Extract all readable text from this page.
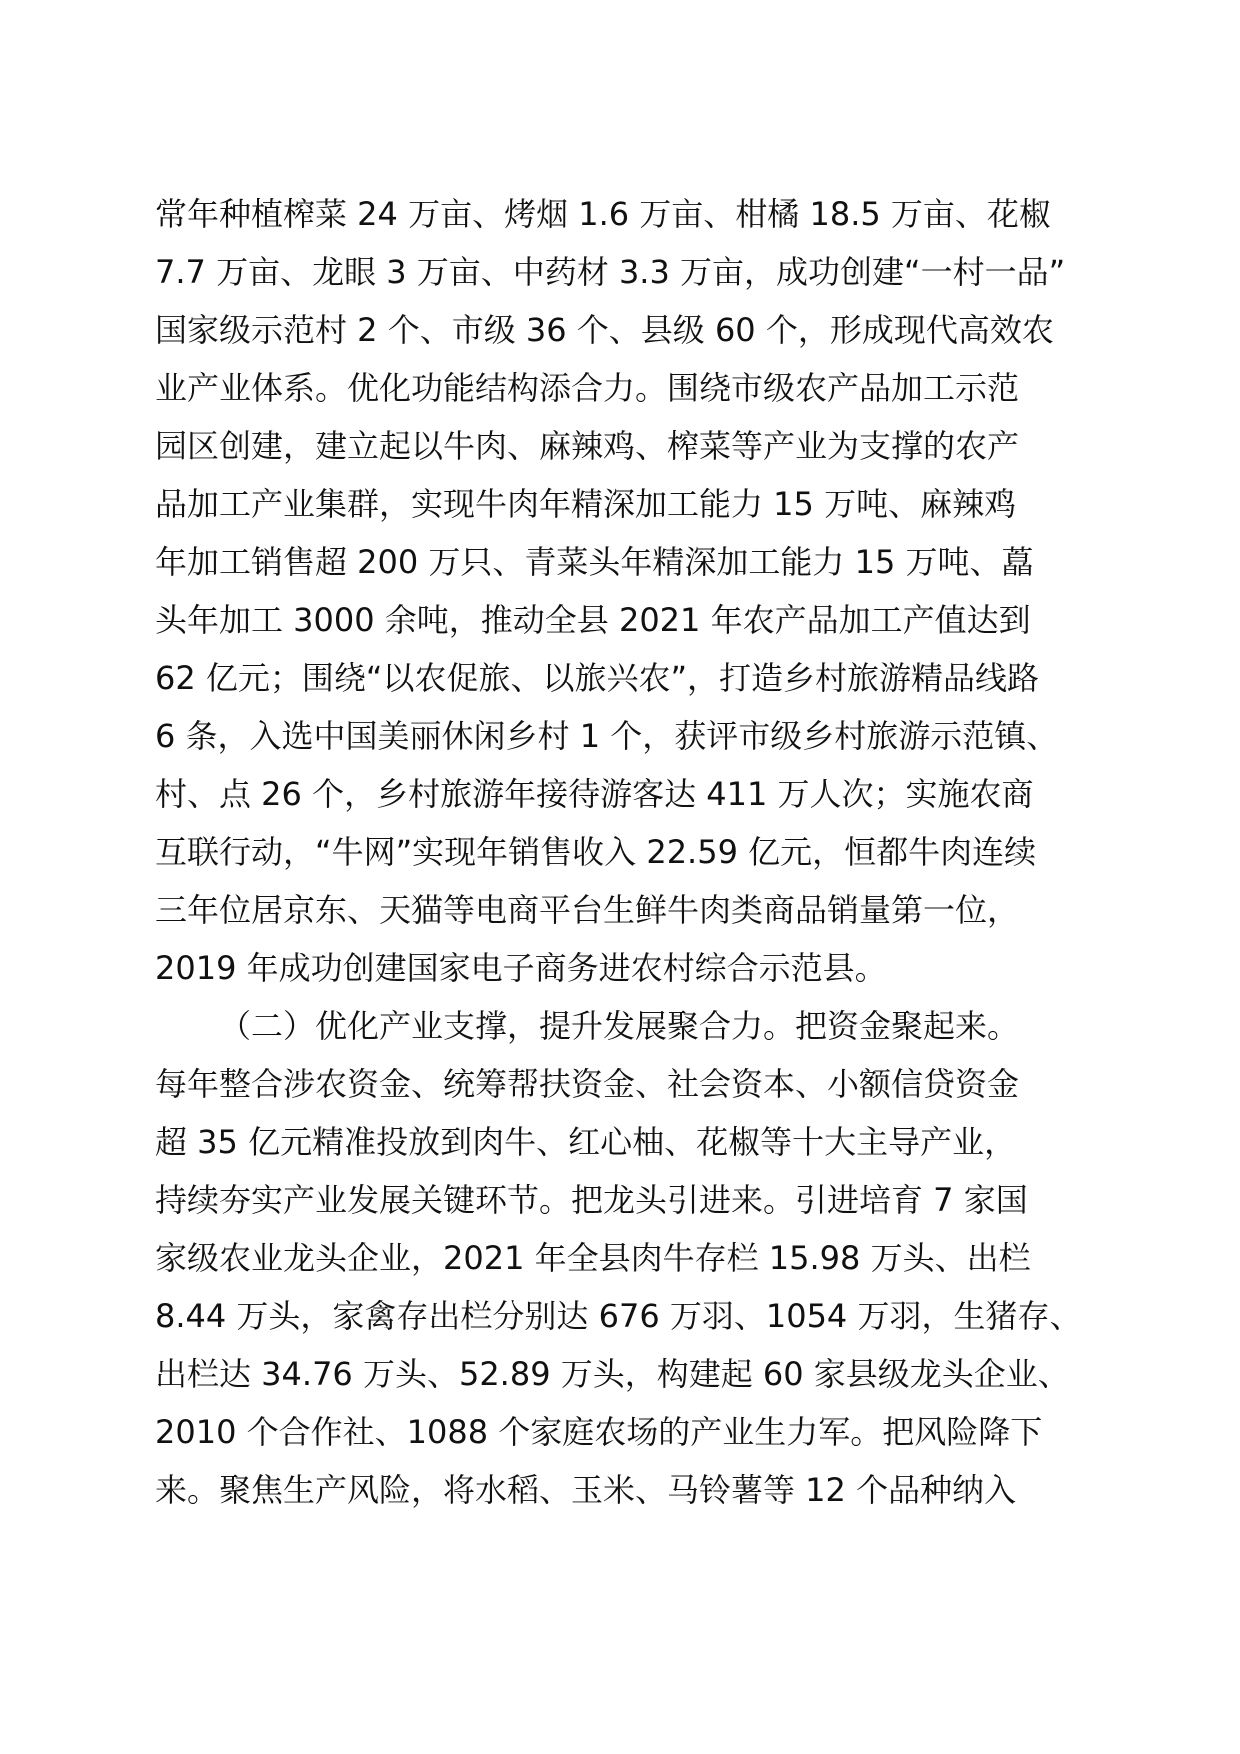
常年种植榨菜 24 万亩、烤烟 1.6 万亩、柑橘 18.5 万亩、花椒
7.7 万亩、龙眼 3 万亩、中药材 3.3 万亩，成功创建“一村一品”
国家级示范村 2 个、市级 36 个、县级 60 个，形成现代高效农
业产业体系。优化功能结构添合力。围绕市级农产品加工示范
园区创建，建立起以牛肉、麻辣鸡、榨菜等产业为支撑的农产
品加工产业集群，实现牛肉年精深加工能力 15 万吨、麻辣鸡
年加工销售超 200 万只、青菜头年精深加工能力 15 万吨、藠
头年加工 3000 余吨，推动全县 2021 年农产品加工产值达到
62 亿元；围绕“以农促旅、以旅兴农”，打造乡村旅游精品线路
6 条，入选中国美丽休闲乡村 1 个，获评市级乡村旅游示范镇、
村、点 26 个，乡村旅游年接待游客达 411 万人次；实施农商
互联行动，“牛网”实现年销售收入 22.59 亿元，恒都牛肉连续
三年位居京东、天猫等电商平台生鲜牛肉类商品销量第一位，
2019 年成功创建国家电子商务进农村综合示范县。
（二）优化产业支撑，提升发展聚合力。把资金聚起来。
每年整合涉农资金、统筹帮扶资金、社会资本、小额信贷资金
超 35 亿元精准投放到肉牛、红心柚、花椒等十大主导产业，
持续夯实产业发展关键环节。把龙头引进来。引进培育 7 家国
家级农业龙头企业，2021 年全县肉牛存栏 15.98 万头、出栏
8.44 万头，家禽存出栏分别达 676 万羽、1054 万羽，生猪存、
出栏达 34.76 万头、52.89 万头，构建起 60 家县级龙头企业、
2010 个合作社、1088 个家庭农场的产业生力军。把风险降下
来。聚焦生产风险，将水稻、玉米、马铃薯等 12 个品种纳入
